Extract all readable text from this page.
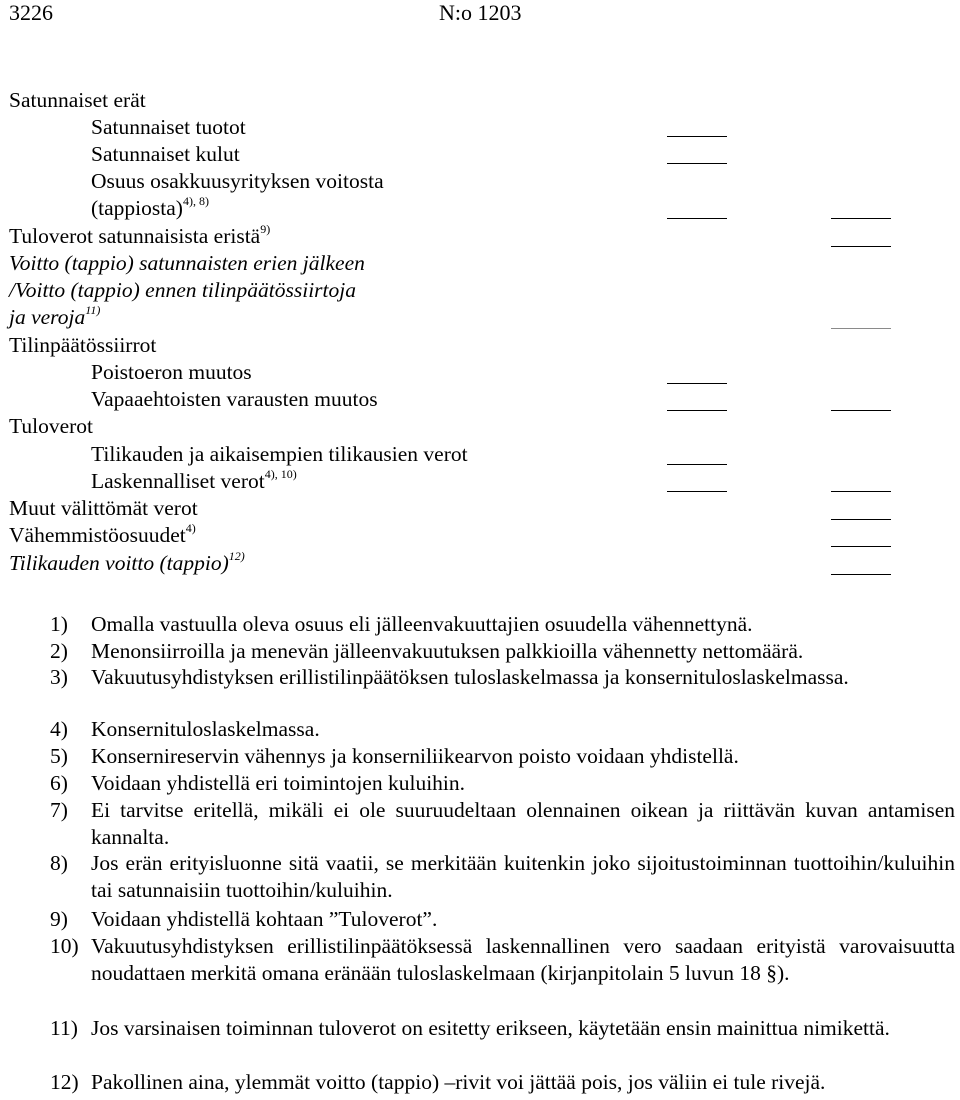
3226	N:o 1203
Satunnaiset erät
Satunnaiset tuotot
Satunnaiset kulut
Osuus osakkuusyrityksen voitosta
(tappiosta)$^{4), 8)}$
Tuloverot satunnaisista eristä$^{9)}$
Voitto (tappio) satunnaisten erien jälkeen
/Voitto (tappio) ennen tilinpäätössiirtoja
ja veroja$^{11)}$
Tilinpäätössiirrot
Poistoeron muutos
Vapaaehtoisten varausten muutos
Tuloverot
Tilikauden ja aikaisempien tilikausien verot
Laskennalliset verot$^{4), 10)}$
Muut välittömät verot
Vähemmistöosuudet$^{4)}$
Tilikauden voitto (tappio)$^{12)}$
1)	Omalla vastuulla oleva osuus eli jälleenvakuuttajien osuudella vähennettynä.
2)	Menonsiirroilla ja menevän jälleenvakuutuksen palkkioilla vähennetty nettomäärä.
3)	Vakuutusyhdistyksen erillistilinpäätöksen tuloslaskelmassa ja konsernituloslaskelmassa.
4)	Konsernituloslaskelmassa.
5)	Konsernireservin vähennys ja konserniliikearvon poisto voidaan yhdistellä.
6)	Voidaan yhdistellä eri toimintojen kuluihin.
7)	Ei tarvitse eritellä, mikäli ei ole suuruudeltaan olennainen oikean ja riittävän kuvan antamisen kannalta.
8)	Jos erän erityisluonne sitä vaatii, se merkitään kuitenkin joko sijoitustoiminnan tuottoihin/kuluihin tai satunnaisiin tuottoihin/kuluihin.
9)	Voidaan yhdistellä kohtaan ”Tuloverot”.
10) Vakuutusyhdistyksen erillistilinpäätöksessä laskennallinen vero saadaan erityistä varovaisuutta noudattaen merkitä omana eränään tuloslaskelmaan (kirjanpitolain 5 luvun 18 §).
11) Jos varsinaisen toiminnan tuloverot on esitetty erikseen, käytetään ensin mainittua nimikettä.
12) Pakollinen aina, ylemmät voitto (tappio) –rivit voi jättää pois, jos väliin ei tule rivejä.
